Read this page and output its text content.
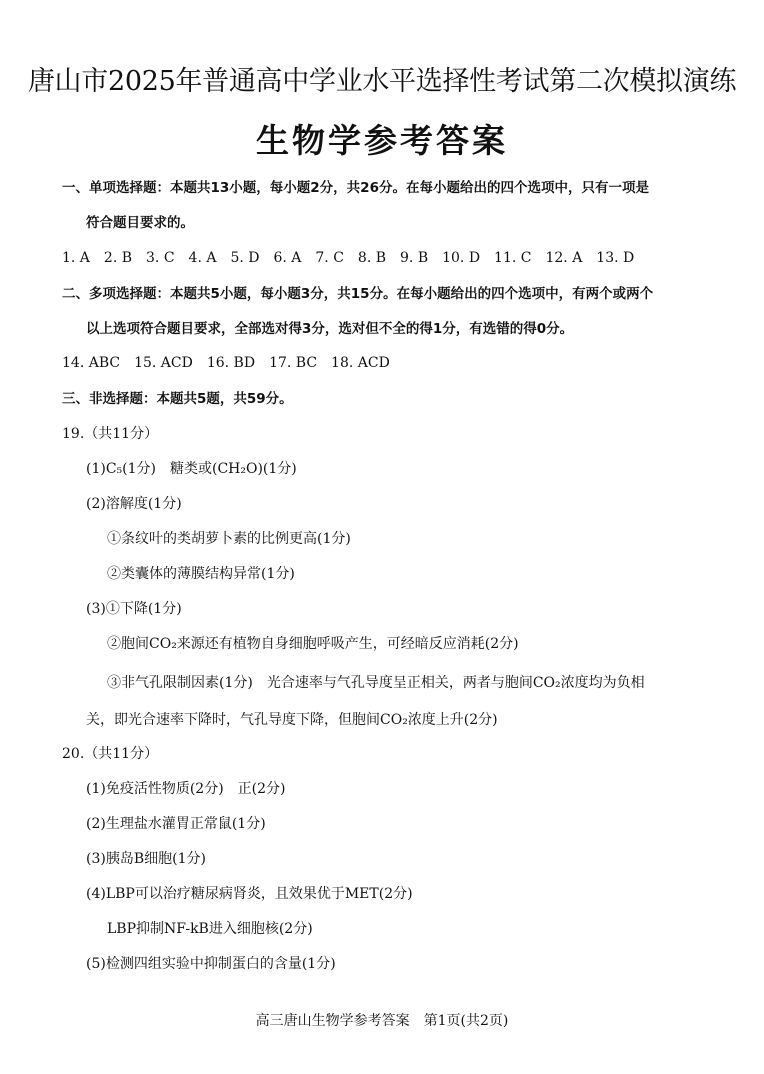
唐山市2025年普通高中学业水平选择性考试第二次模拟演练
生物学参考答案
一、单项选择题：本题共13小题，每小题2分，共26分。在每小题给出的四个选项中，只有一项是
符合题目要求的。
1. A　2. B　3. C　4. A　5. D　6. A　7. C　8. B　9. B　10. D　11. C　12. A　13. D
二、多项选择题：本题共5小题，每小题3分，共15分。在每小题给出的四个选项中，有两个或两个
以上选项符合题目要求，全部选对得3分，选对但不全的得1分，有选错的得0分。
14. ABC　15. ACD　16. BD　17. BC　18. ACD
三、非选择题：本题共5题，共59分。
19.（共11分）
(1)C₅(1分)　糖类或(CH₂O)(1分)
(2)溶解度(1分)
①条纹叶的类胡萝卜素的比例更高(1分)
②类囊体的薄膜结构异常(1分)
(3)①下降(1分)
②胞间CO₂来源还有植物自身细胞呼吸产生，可经暗反应消耗(2分)
③非气孔限制因素(1分)　光合速率与气孔导度呈正相关，两者与胞间CO₂浓度均为负相
关，即光合速率下降时，气孔导度下降，但胞间CO₂浓度上升(2分)
20.（共11分）
(1)免疫活性物质(2分)　正(2分)
(2)生理盐水灌胃正常鼠(1分)
(3)胰岛B细胞(1分)
(4)LBP可以治疗糖尿病肾炎，且效果优于MET(2分)
LBP抑制NF-kB进入细胞核(2分)
(5)检测四组实验中抑制蛋白的含量(1分)
高三唐山生物学参考答案　第1页(共2页)
